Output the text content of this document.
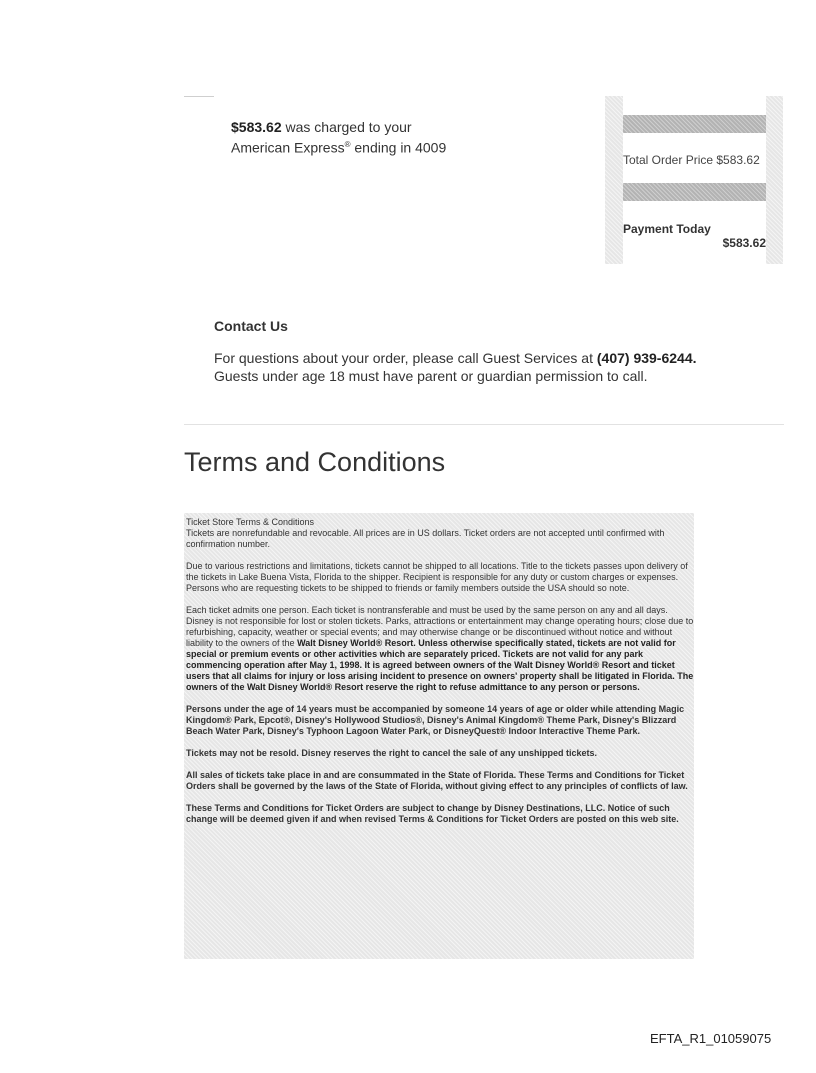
$583.62 was charged to your
American Express® ending in 4009
Total Order Price $583.62
Payment Today
$583.62
Contact Us
For questions about your order, please call Guest Services at (407) 939-6244.
Guests under age 18 must have parent or guardian permission to call.
Terms and Conditions

Ticket Store Terms & Conditions
Tickets are nonrefundable and revocable. All prices are in US dollars. Ticket orders are not accepted until confirmed with confirmation number.

Due to various restrictions and limitations, tickets cannot be shipped to all locations. Title to the tickets passes upon delivery of the tickets in Lake Buena Vista, Florida to the shipper. Recipient is responsible for any duty or custom charges or expenses. Persons who are requesting tickets to be shipped to friends or family members outside the USA should so note.

Each ticket admits one person. Each ticket is nontransferable and must be used by the same person on any and all days. Disney is not responsible for lost or stolen tickets. Parks, attractions or entertainment may change operating hours; close due to refurbishing, capacity, weather or special events; and may otherwise change or be discontinued without notice and without liability to the owners of the Walt Disney World® Resort. Unless otherwise specifically stated, tickets are not valid for special or premium events or other activities which are separately priced. Tickets are not valid for any park commencing operation after May 1, 1998. It is agreed between owners of the Walt Disney World® Resort and ticket users that all claims for injury or loss arising incident to presence on owners' property shall be litigated in Florida. The owners of the Walt Disney World® Resort reserve the right to refuse admittance to any person or persons.

Persons under the age of 14 years must be accompanied by someone 14 years of age or older while attending Magic Kingdom® Park, Epcot®, Disney's Hollywood Studios®, Disney's Animal Kingdom® Theme Park, Disney's Blizzard Beach Water Park, Disney's Typhoon Lagoon Water Park, or DisneyQuest® Indoor Interactive Theme Park.

Tickets may not be resold. Disney reserves the right to cancel the sale of any unshipped tickets.

All sales of tickets take place in and are consummated in the State of Florida. These Terms and Conditions for Ticket Orders shall be governed by the laws of the State of Florida, without giving effect to any principles of conflicts of law.

These Terms and Conditions for Ticket Orders are subject to change by Disney Destinations, LLC. Notice of such change will be deemed given if and when revised Terms & Conditions for Ticket Orders are posted on this web site.

EFTA_R1_01059075
